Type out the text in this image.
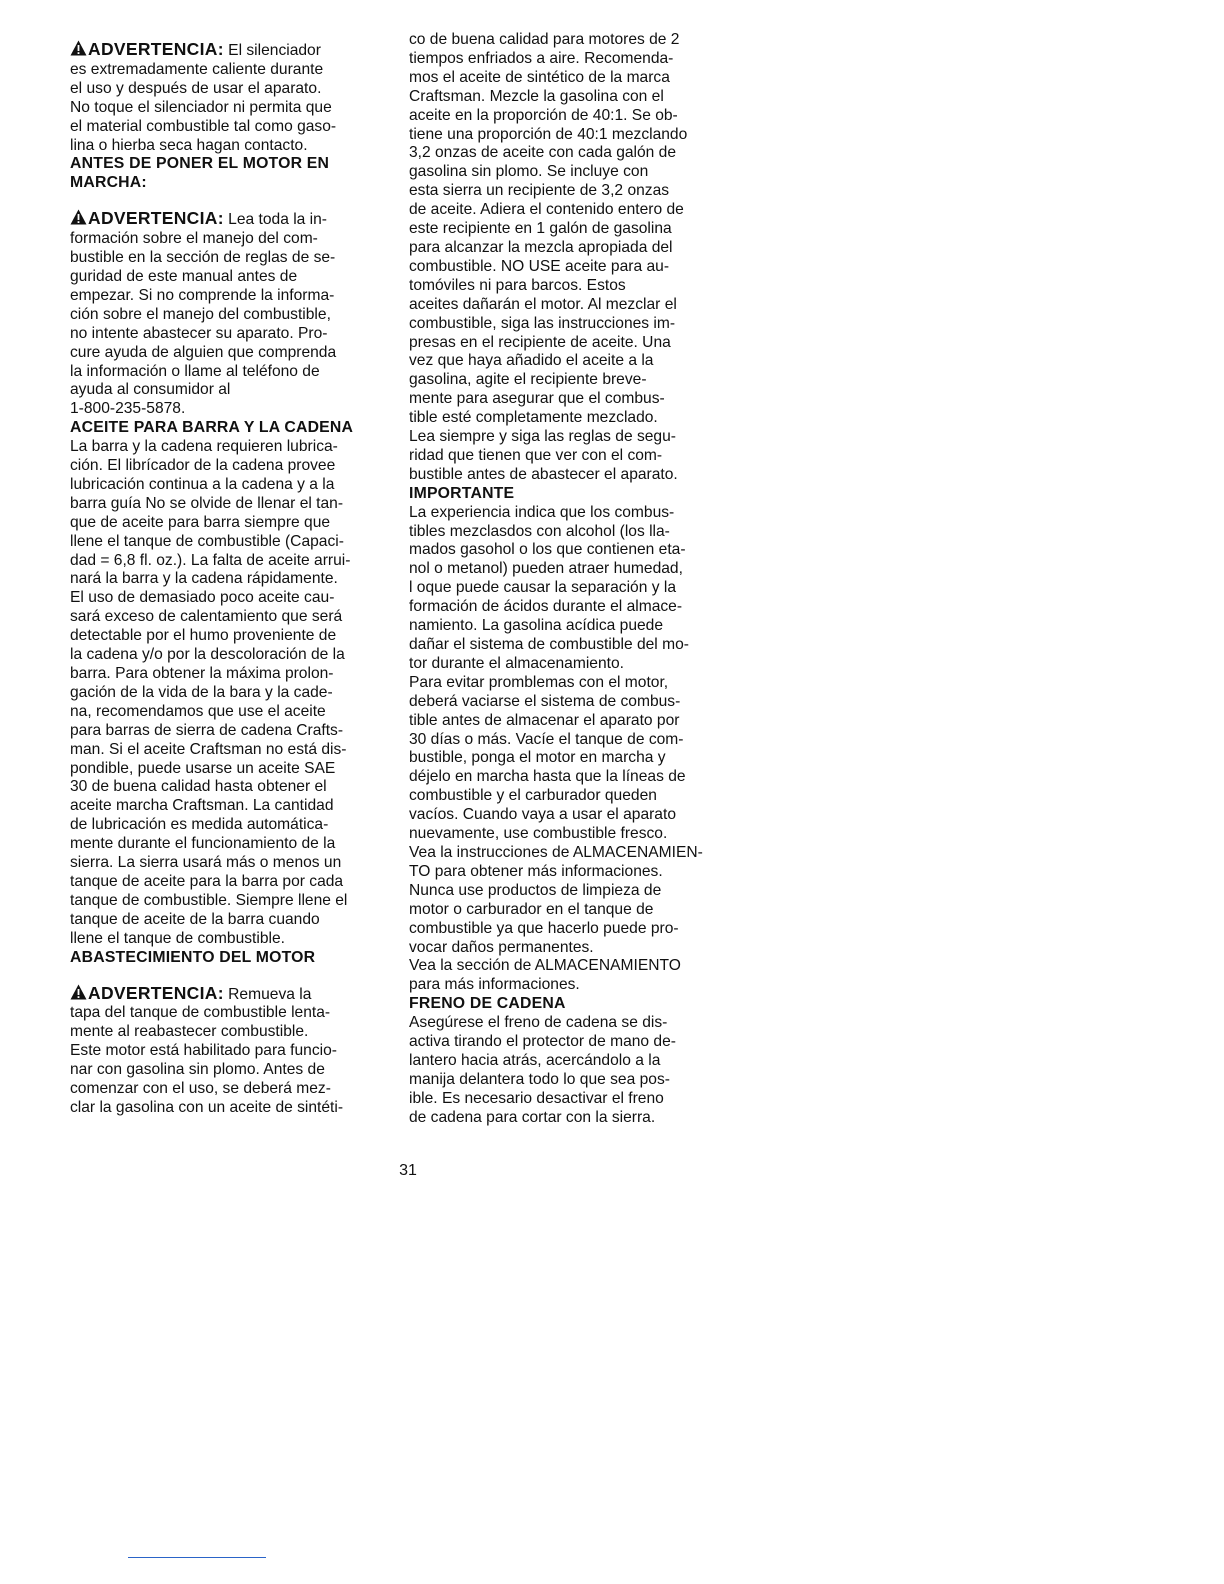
ADVERTENCIA: El silenciador
es extremadamente caliente durante
el uso y después de usar el aparato.
No toque el silenciador ni permita que
el material combustible tal como gaso-
lina o hierba seca hagan contacto.
ANTES DE PONER EL MOTOR EN
MARCHA:
ADVERTENCIA: Lea toda la in-
formación sobre el manejo del com-
bustible en la sección de reglas de se-
guridad de este manual antes de
empezar. Si no comprende la informa-
ción sobre el manejo del combustible,
no intente abastecer su aparato. Pro-
cure ayuda de alguien que comprenda
la información o llame al teléfono de
ayuda al consumidor al
1-800-235-5878.
ACEITE PARA BARRA Y LA CADENA
La barra y la cadena requieren lubrica-
ción. El librícador de la cadena provee
lubricación continua a la cadena y a la
barra guía No se olvide de llenar el tan-
que de aceite para barra siempre que
llene el tanque de combustible (Capaci-
dad = 6,8 fl. oz.). La falta de aceite arrui-
nará la barra y la cadena rápidamente.
El uso de demasiado poco aceite cau-
sará exceso de calentamiento que será
detectable por el humo proveniente de
la cadena y/o por la descoloración de la
barra. Para obtener la máxima prolon-
gación de la vida de la bara y la cade-
na, recomendamos que use el aceite
para barras de sierra de cadena Crafts-
man. Si el aceite Craftsman no está dis-
pondible, puede usarse un aceite SAE
30 de buena calidad hasta obtener el
aceite marcha Craftsman. La cantidad
de lubricación es medida automática-
mente durante el funcionamiento de la
sierra. La sierra usará más o menos un
tanque de aceite para la barra por cada
tanque de combustible. Siempre llene el
tanque de aceite de la barra cuando
llene el tanque de combustible.
ABASTECIMIENTO DEL MOTOR
ADVERTENCIA: Remueva la
tapa del tanque de combustible lenta-
mente al reabastecer combustible.
Este motor está habilitado para funcio-
nar con gasolina sin plomo. Antes de
comenzar con el uso, se deberá mez-
clar la gasolina con un aceite de sintéti-
co de buena calidad para motores de 2
tiempos enfriados a aire. Recomenda-
mos el aceite de sintético de la marca
Craftsman. Mezcle la gasolina con el
aceite en la proporción de 40:1. Se ob-
tiene una proporción de 40:1 mezclando
3,2 onzas de aceite con cada galón de
gasolina sin plomo. Se incluye con
esta sierra un recipiente de 3,2 onzas
de aceite. Adiera el contenido entero de
este recipiente en 1 galón de gasolina
para alcanzar la mezcla apropiada del
combustible. NO USE aceite para au-
tomóviles ni para barcos. Estos
aceites dañarán el motor. Al mezclar el
combustible, siga las instrucciones im-
presas en el recipiente de aceite. Una
vez que haya añadido el aceite a la
gasolina, agite el recipiente breve-
mente para asegurar que el combus-
tible esté completamente mezclado.
Lea siempre y siga las reglas de segu-
ridad que tienen que ver con el com-
bustible antes de abastecer el aparato.
IMPORTANTE
La experiencia indica que los combus-
tibles mezclasdos con alcohol (los lla-
mados gasohol o los que contienen eta-
nol o metanol) pueden atraer humedad,
l oque puede causar la separación y la
formación de ácidos durante el almace-
namiento. La gasolina acídica puede
dañar el sistema de combustible del mo-
tor durante el almacenamiento.
Para evitar promblemas con el motor,
deberá vaciarse el sistema de combus-
tible antes de almacenar el aparato por
30 días o más. Vacíe el tanque de com-
bustible, ponga el motor en marcha y
déjelo en marcha hasta que la líneas de
combustible y el carburador queden
vacíos. Cuando vaya a usar el aparato
nuevamente, use combustible fresco.
Vea la instrucciones de ALMACENAMIEN-
TO para obtener más informaciones.
Nunca use productos de limpieza de
motor o carburador en el tanque de
combustible ya que hacerlo puede pro-
vocar daños permanentes.
Vea la sección de ALMACENAMIENTO
para más informaciones.
FRENO DE CADENA
Asegúrese el freno de cadena se dis-
activa tirando el protector de mano de-
lantero hacia atrás, acercándolo a la
manija delantera todo lo que sea pos-
ible. Es necesario desactivar el freno
de cadena para cortar con la sierra.
31
